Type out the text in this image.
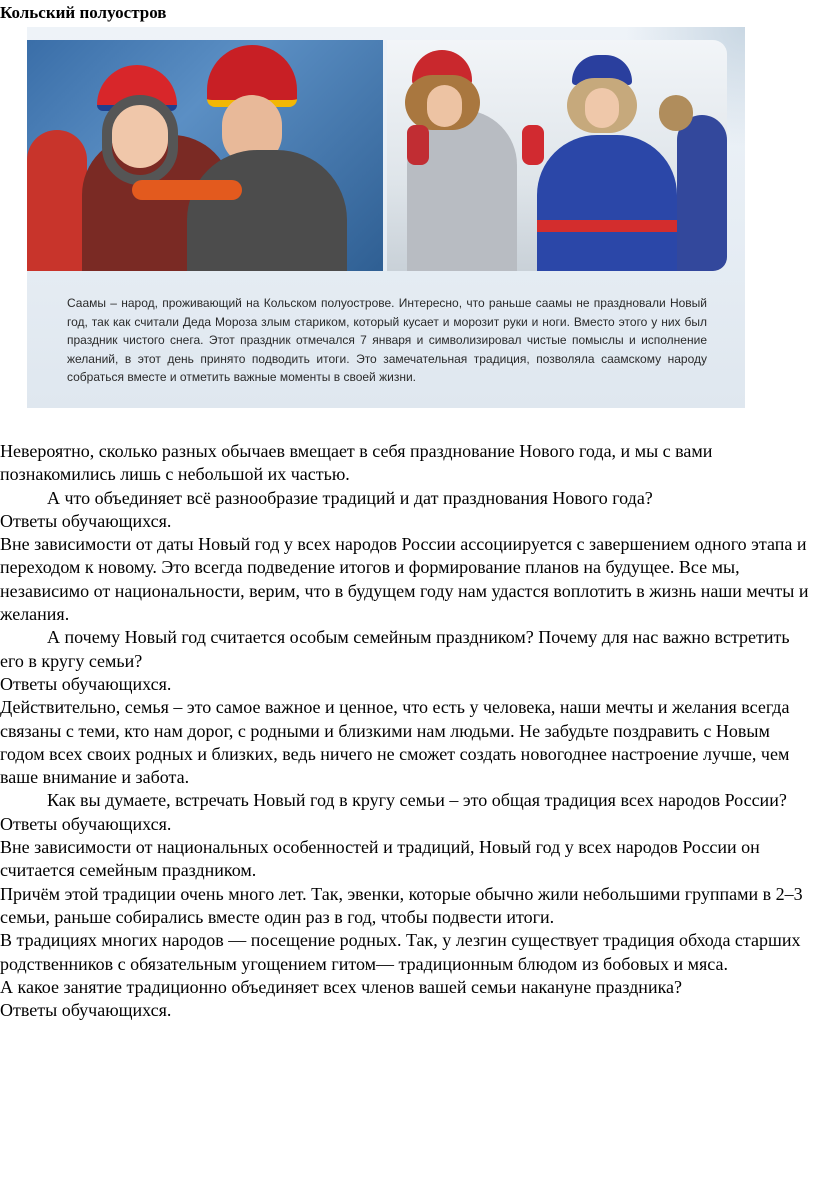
Кольский полуостров
Саамы – народ, проживающий на Кольском полуострове. Интересно, что раньше саамы не праздновали Новый год, так как считали Деда Мороза злым стариком, который кусает и морозит руки и ноги. Вместо этого у них был праздник чистого снега. Этот праздник отмечался 7 января и символизировал чистые помыслы и исполнение желаний, в этот день принято подводить итоги. Это замечательная традиция, позволяла саамскому народу собраться вместе и отметить важные моменты в своей жизни.

Невероятно, сколько разных обычаев вмещает в себя празднование Нового года, и мы с вами познакомились лишь с небольшой их частью.

А что объединяет всё разнообразие традиций и дат празднования Нового года?

Ответы обучающихся.

Вне зависимости от даты Новый год у всех народов России ассоциируется с завершением одного этапа и переходом к новому. Это всегда подведение итогов и формирование планов на будущее. Все мы, независимо от национальности, верим, что в будущем году нам удастся воплотить в жизнь наши мечты и желания.

А почему Новый год считается особым семейным праздником? Почему для нас важно встретить его в кругу семьи?

Ответы обучающихся.

Действительно, семья – это самое важное и ценное, что есть у человека, наши мечты и желания всегда связаны с теми, кто нам дорог, с родными и близкими нам людьми. Не забудьте поздравить с Новым годом всех своих родных и близких, ведь ничего не сможет создать новогоднее настроение лучше, чем ваше внимание и забота.

Как вы думаете, встречать Новый год в кругу семьи – это общая традиция всех народов России?

Ответы обучающихся.

Вне зависимости от национальных особенностей и традиций, Новый год у всех народов России он считается семейным праздником.

Причём этой традиции очень много лет. Так, эвенки, которые обычно жили небольшими группами в 2–3 семьи, раньше собирались вместе один раз в год, чтобы подвести итоги.

В традициях многих народов — посещение родных. Так, у лезгин существует традиция обхода старших родственников с обязательным угощением гитом— традиционным блюдом из бобовых и мяса.

А какое занятие традиционно объединяет всех членов вашей семьи накануне праздника?

Ответы обучающихся.
